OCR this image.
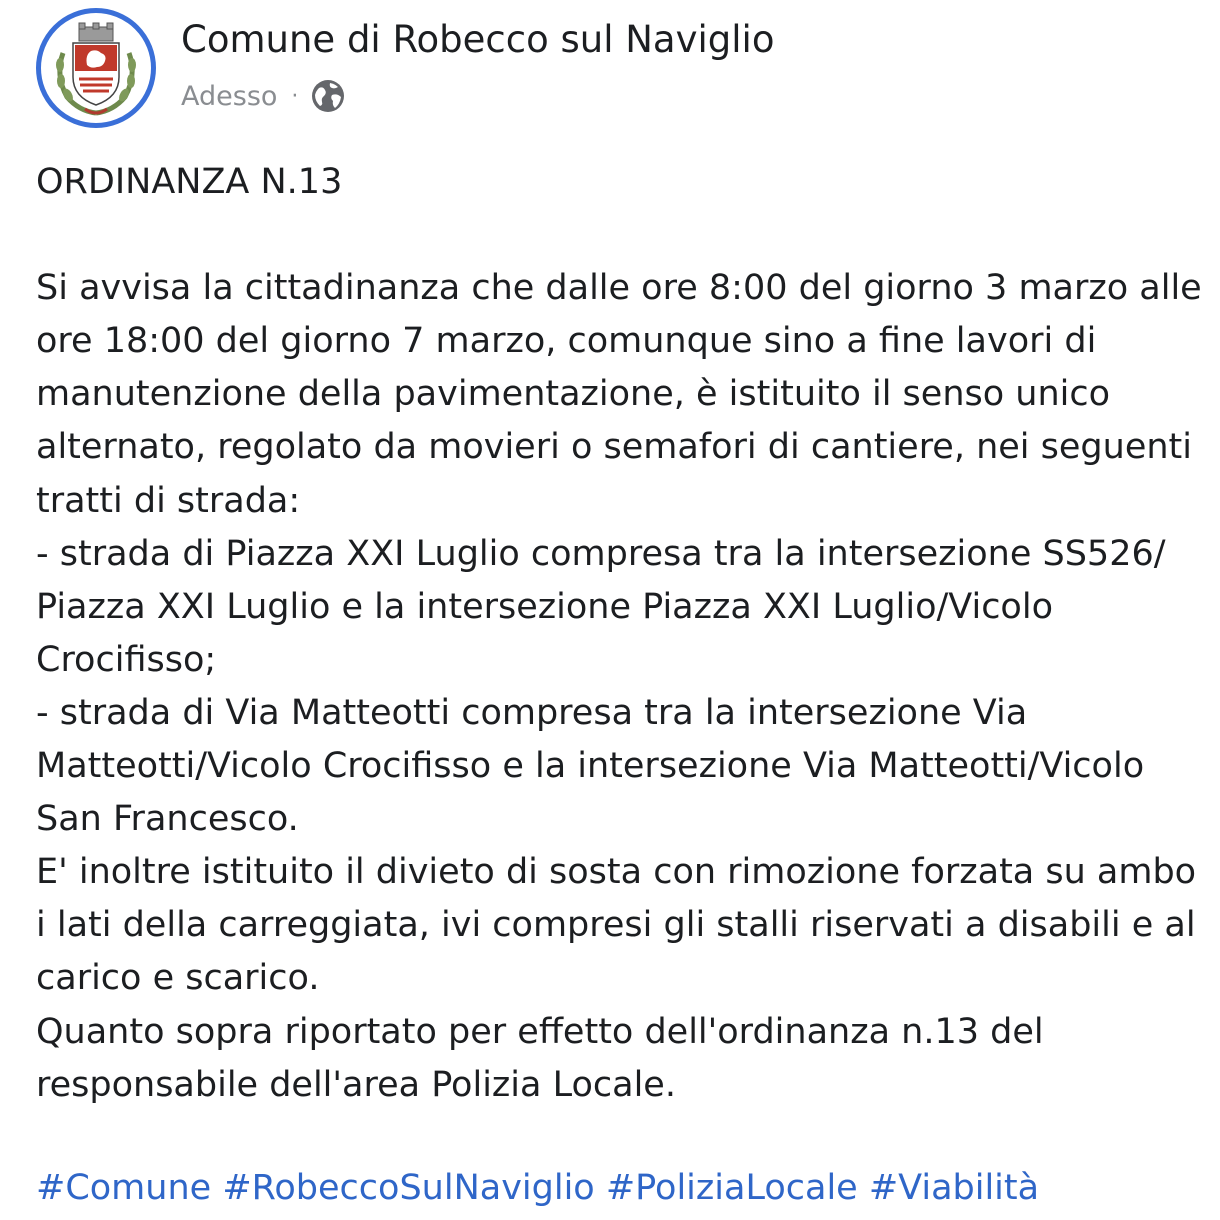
Comune di Robecco sul Naviglio
Adesso ·
ORDINANZA N.13

Si avvisa la cittadinanza che dalle ore 8:00 del giorno 3 marzo alle ore 18:00 del giorno 7 marzo, comunque sino a fine lavori di manutenzione della pavimentazione, è istituito il senso unico alternato, regolato da movieri o semafori di cantiere, nei seguenti tratti di strada:
- strada di Piazza XXI Luglio compresa tra la intersezione SS526/ Piazza XXI Luglio e la intersezione Piazza XXI Luglio/Vicolo Crocifisso;
- strada di Via Matteotti compresa tra la intersezione Via Matteotti/Vicolo Crocifisso e la intersezione Via Matteotti/Vicolo San Francesco.
E' inoltre istituito il divieto di sosta con rimozione forzata su ambo i lati della carreggiata, ivi compresi gli stalli riservati a disabili e al carico e scarico.
Quanto sopra riportato per effetto dell'ordinanza n.13 del responsabile dell'area Polizia Locale.
#Comune #RobeccoSulNaviglio #PoliziaLocale #Viabilità
